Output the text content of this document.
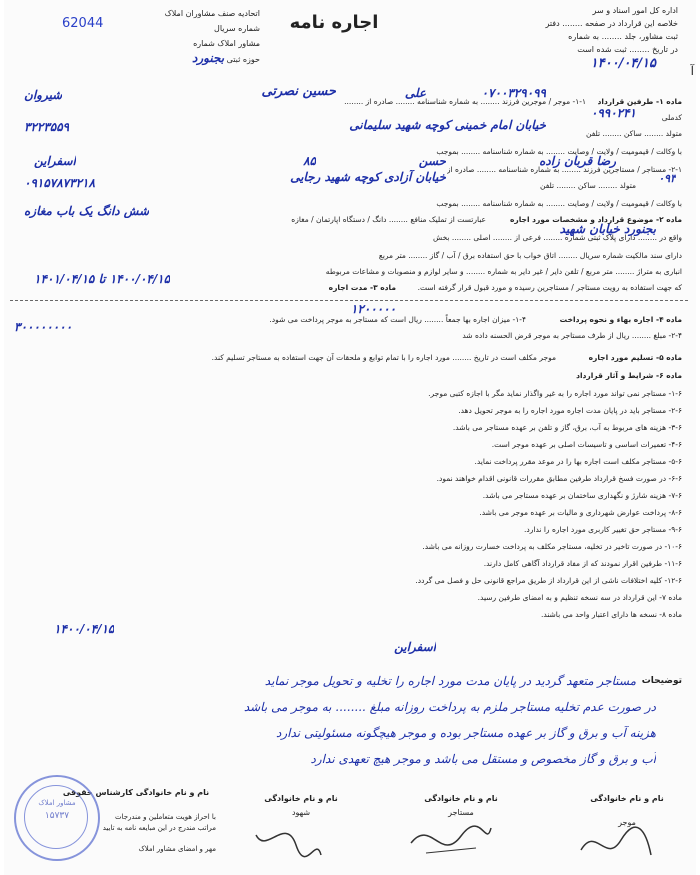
اتحادیه صنف مشاوران املاک
شماره سریال
مشاور املاک شماره
حوزه ثبتی بجنورد
62044	اجاره نامه
اداره کل امور اسناد و سر
خلاصه این قرارداد در صفحه ........ دفتر
ثبت مشاور، جلد ........ به شماره
در تاریخ ........ ثبت شده است
۱۴۰۰/۰۴/۱۵	آ
ماده ۱- طرفین قرارداد
۱-۱- موجر / موجرین فرزند ........ به شماره شناسنامه ........ صادره از ........
حسین نصرتی	علی	۰۷۰۰۳۲۹۰۹۹
شیروان
کدملی
۰۹۹۰۲۴۱
متولد ........ ساکن ........ تلفن
خیابان امام خمینی کوچه شهید سلیمانی
۳۲۲۳۵۵۹
با وکالت / قیمومیت / ولایت / وصایت ........ به شماره شناسنامه ........ بموجب
۲-۱- مستاجر / مستاجرین فرزند ........ به شماره شناسنامه ........ صادره از
رضا قربان زاده
حسن
۸۵
اسفراین
۰۹۳
متولد ........ ساکن ........ تلفن
خیابان آزادی کوچه شهید رجایی
۰۹۱۵۷۸۷۳۲۱۸
با وکالت / قیمومیت / ولایت / وصایت ........ به شماره شناسنامه ........ بموجب
ماده ۲- موضوع قرارداد و مشخصات مورد اجاره
عبارتست از تملیک منافع ........ دانگ / دستگاه اپارتمان / مغازه
شش دانگ یک باب مغازه
واقع در ........ دارای پلاک ثبتی شماره ........ فرعی از ........ اصلی ........ بخش
بجنورد خیابان شهید
دارای سند مالکیت شماره سریال ........ اتاق خواب با حق استفاده برق / آب / گاز ........ متر مربع
انباری به متراژ ........ متر مربع / تلفن دایر / غیر دایر به شماره ........ و سایر لوازم و منصوبات و مشاعات مربوطه
که جهت استفاده به رویت مستاجر / مستاجرین رسیده و مورد قبول قرار گرفته است.
ماده ۳- مدت اجاره
۱۴۰۰/۰۴/۱۵ تا ۱۴۰۱/۰۴/۱۵
ماده ۴- اجاره بهاء و نحوه پرداخت
۱-۴- میزان اجاره بها جمعاً ........ ریال است که مستاجر به موجر پرداخت می شود.
۱۲۰۰۰۰۰
۲-۴- مبلغ ........ ریال از طرف مستاجر به موجر قرض الحسنه داده شد
۳۰۰۰۰۰۰۰۰
ماده ۵- تسلیم مورد اجاره
موجر مکلف است در تاریخ ........ مورد اجاره را با تمام توابع و ملحقات آن جهت استفاده به مستاجر تسلیم کند.
ماده ۶- شرایط و آثار قرارداد
۱-۶- مستاجر نمی تواند مورد اجاره را به غیر واگذار نماید مگر با اجازه کتبی موجر.
۲-۶- مستاجر باید در پایان مدت اجاره مورد اجاره را به موجر تحویل دهد.
۳-۶- هزینه های مربوط به آب، برق، گاز و تلفن بر عهده مستاجر می باشد.
۴-۶- تعمیرات اساسی و تاسیسات اصلی بر عهده موجر است.
۵-۶- مستاجر مکلف است اجاره بها را در موعد مقرر پرداخت نماید.
۶-۶- در صورت فسخ قرارداد طرفین مطابق مقررات قانونی اقدام خواهند نمود.
۷-۶- هزینه شارژ و نگهداری ساختمان بر عهده مستاجر می باشد.
۸-۶- پرداخت عوارض شهرداری و مالیات بر عهده موجر می باشد.
۹-۶- مستاجر حق تغییر کاربری مورد اجاره را ندارد.
۱۰-۶- در صورت تاخیر در تخلیه، مستاجر مکلف به پرداخت خسارت روزانه می باشد.
۱۱-۶- طرفین اقرار نمودند که از مفاد قرارداد آگاهی کامل دارند.
۱۲-۶- کلیه اختلافات ناشی از این قرارداد از طریق مراجع قانونی حل و فصل می گردد.
ماده ۷- این قرارداد در سه نسخه تنظیم و به امضای طرفین رسید.
ماده ۸- نسخه ها دارای اعتبار واحد می باشند.
۱۴۰۰/۰۴/۱۵
اسفراین
توضیحات
مستاجر متعهد گردید در پایان مدت مورد اجاره را تخلیه و تحویل موجر نماید
در صورت عدم تخلیه مستاجر ملزم به پرداخت روزانه مبلغ ........ به موجر می باشد
هزینه آب و برق و گاز بر عهده مستاجر بوده و موجر هیچگونه مسئولیتی ندارد
آب و برق و گاز مخصوص و مستقل می باشد و موجر هیچ تعهدی ندارد
نام و نام خانوادگی
موجر
نام و نام خانوادگی
مستاجر
نام و نام خانوادگی
شهود
نام و نام خانوادگی کارشناس حقوقی
با احراز هویت متعاملین و مندرجات
مراتب مندرج در این مبایعه نامه به تایید
مهر و امضای مشاور املاک
مشاور املاک
۱۵۷۳۷
